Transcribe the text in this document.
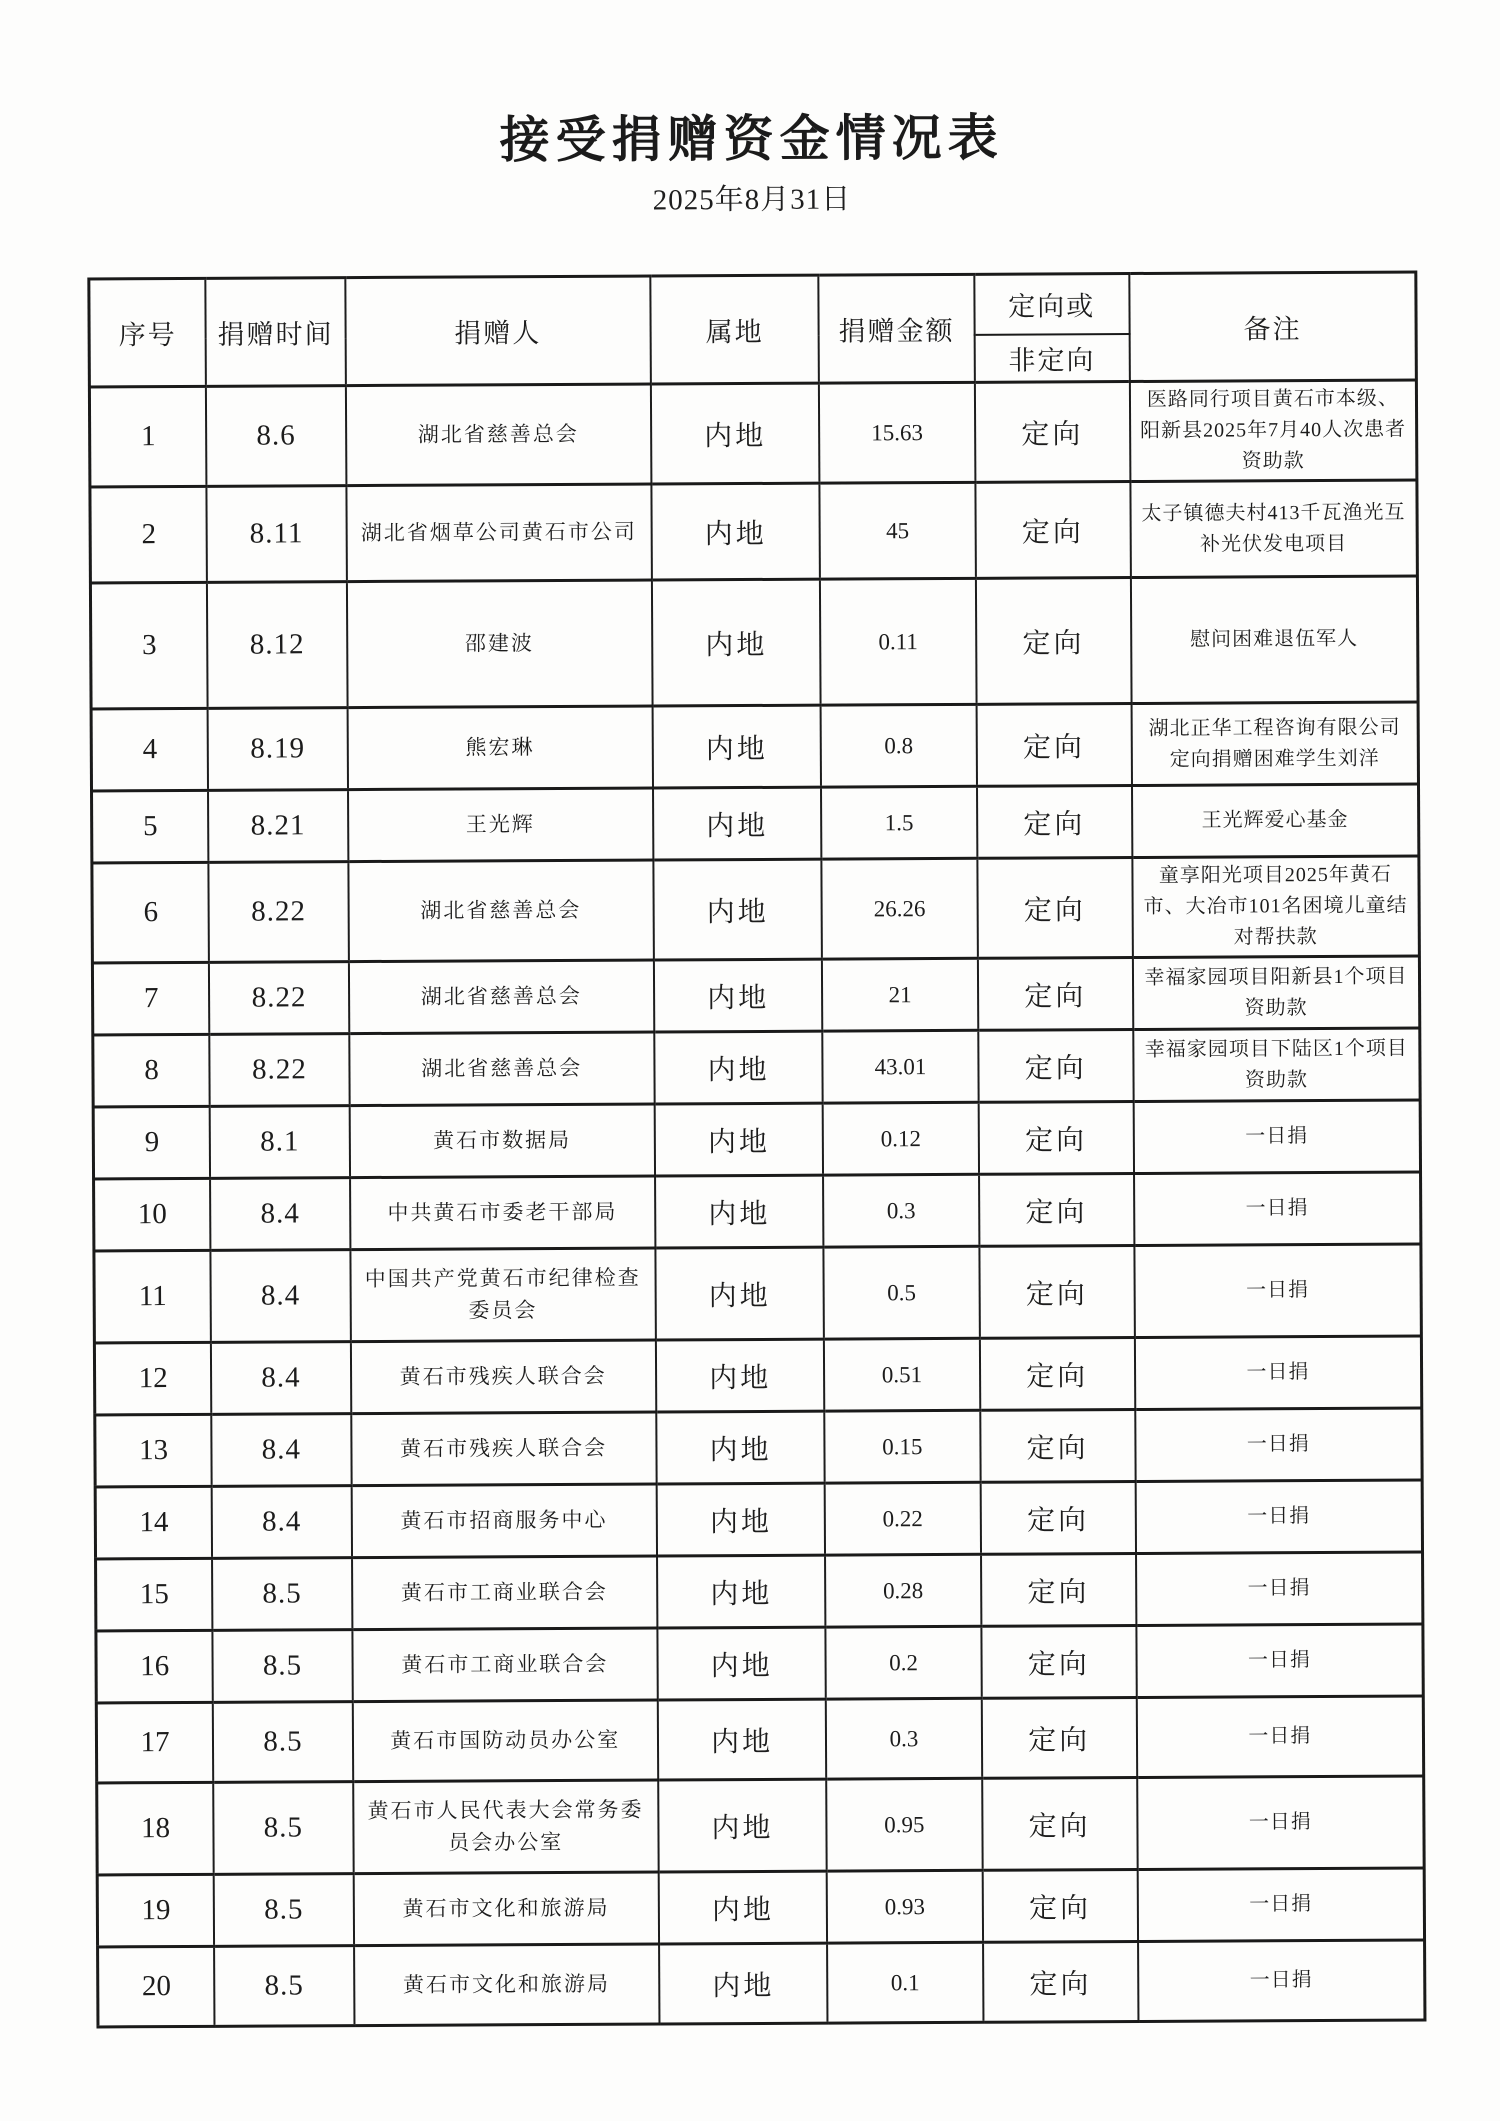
接受捐赠资金情况表
2025年8月31日
序号	捐赠时间	捐赠人	属地	捐赠金额	定向或	备注
					非定向	
1	8.6	湖北省慈善总会	内地	15.63	定向	医路同行项目黄石市本级、阳新县2025年7月40人次患者资助款
2	8.11	湖北省烟草公司黄石市公司	内地	45	定向	太子镇德夫村413千瓦渔光互补光伏发电项目
3	8.12	邵建波	内地	0.11	定向	慰问困难退伍军人
4	8.19	熊宏琳	内地	0.8	定向	湖北正华工程咨询有限公司定向捐赠困难学生刘洋
5	8.21	王光辉	内地	1.5	定向	王光辉爱心基金
6	8.22	湖北省慈善总会	内地	26.26	定向	童享阳光项目2025年黄石市、大冶市101名困境儿童结对帮扶款
7	8.22	湖北省慈善总会	内地	21	定向	幸福家园项目阳新县1个项目资助款
8	8.22	湖北省慈善总会	内地	43.01	定向	幸福家园项目下陆区1个项目资助款
9	8.1	黄石市数据局	内地	0.12	定向	一日捐
10	8.4	中共黄石市委老干部局	内地	0.3	定向	一日捐
11	8.4	中国共产党黄石市纪律检查委员会	内地	0.5	定向	一日捐
12	8.4	黄石市残疾人联合会	内地	0.51	定向	一日捐
13	8.4	黄石市残疾人联合会	内地	0.15	定向	一日捐
14	8.4	黄石市招商服务中心	内地	0.22	定向	一日捐
15	8.5	黄石市工商业联合会	内地	0.28	定向	一日捐
16	8.5	黄石市工商业联合会	内地	0.2	定向	一日捐
17	8.5	黄石市国防动员办公室	内地	0.3	定向	一日捐
18	8.5	黄石市人民代表大会常务委员会办公室	内地	0.95	定向	一日捐
19	8.5	黄石市文化和旅游局	内地	0.93	定向	一日捐
20	8.5	黄石市文化和旅游局	内地	0.1	定向	一日捐
